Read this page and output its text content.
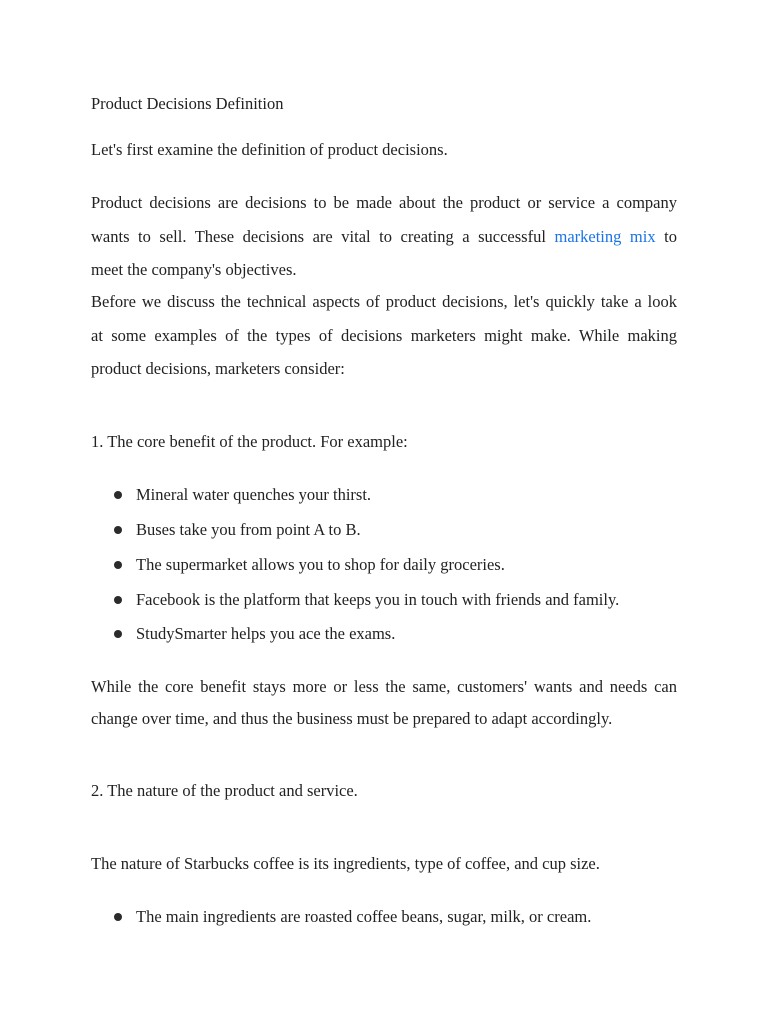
Product Decisions Definition
Let's first examine the definition of product decisions.
Product decisions are decisions to be made about the product or service a company
wants to sell. These decisions are vital to creating a successful marketing mix to
meet the company's objectives.
Before we discuss the technical aspects of product decisions, let's quickly take a look
at some examples of the types of decisions marketers might make. While making
product decisions, marketers consider:
1. The core benefit of the product. For example:
Mineral water quenches your thirst.
Buses take you from point A to B.
The supermarket allows you to shop for daily groceries.
Facebook is the platform that keeps you in touch with friends and family.
StudySmarter helps you ace the exams.
While the core benefit stays more or less the same, customers' wants and needs can
change over time, and thus the business must be prepared to adapt accordingly.
2. The nature of the product and service.
The nature of Starbucks coffee is its ingredients, type of coffee, and cup size.
The main ingredients are roasted coffee beans, sugar, milk, or cream.
